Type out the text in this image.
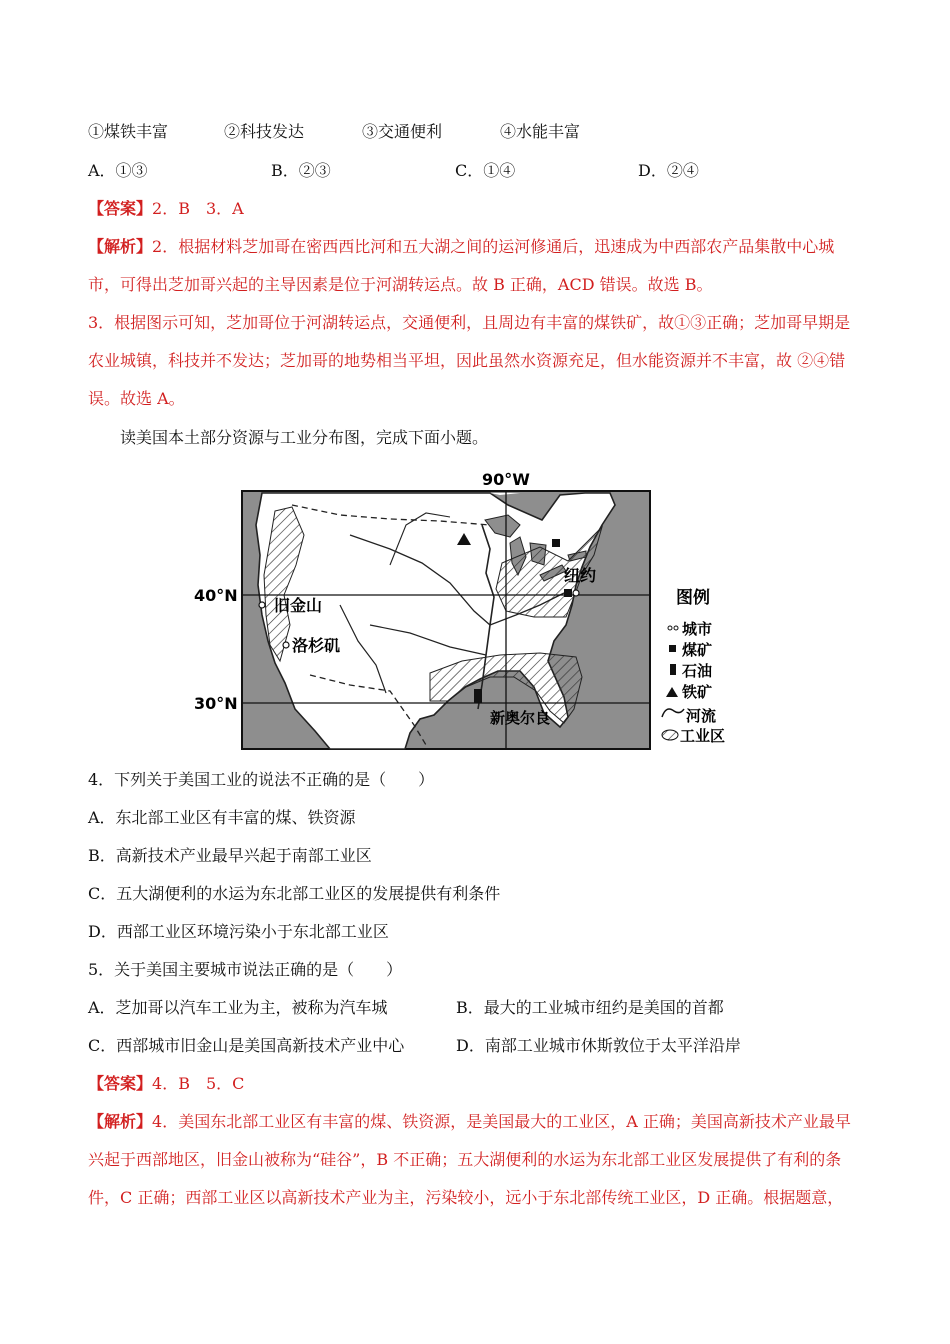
①煤铁丰富	②科技发达	③交通便利	④水能丰富
A．①③	B．②③	C．①④	D．②④
【答案】2．B　3．A
【解析】2．根据材料芝加哥在密西西比河和五大湖之间的运河修通后，迅速成为中西部农产品集散中心城市，可得出芝加哥兴起的主导因素是位于河湖转运点。故 B 正确，ACD 错误。故选 B。
3．根据图示可知，芝加哥位于河湖转运点，交通便利，且周边有丰富的煤铁矿，故①③正确；芝加哥早期是农业城镇，科技并不发达；芝加哥的地势相当平坦，因此虽然水资源充足，但水能资源并不丰富，故 ②④错误。故选 A。
读美国本土部分资源与工业分布图，完成下面小题。
90°W
40°N
30°N
纽约
旧金山
洛杉矶
新奥尔良
图例
城市
煤矿
石油
铁矿
河流
工业区
4．下列关于美国工业的说法不正确的是（　　）
A．东北部工业区有丰富的煤、铁资源
B．高新技术产业最早兴起于南部工业区
C．五大湖便利的水运为东北部工业区的发展提供有利条件
D．西部工业区环境污染小于东北部工业区
5．关于美国主要城市说法正确的是（　　）
A．芝加哥以汽车工业为主，被称为汽车城	B．最大的工业城市纽约是美国的首都
C．西部城市旧金山是美国高新技术产业中心	D．南部工业城市休斯敦位于太平洋沿岸
【答案】4．B　5．C
【解析】4．美国东北部工业区有丰富的煤、铁资源，是美国最大的工业区，A 正确；美国高新技术产业最早兴起于西部地区，旧金山被称为“硅谷”，B 不正确；五大湖便利的水运为东北部工业区发展提供了有利的条件，C 正确；西部工业区以高新技术产业为主，污染较小，远小于东北部传统工业区，D 正确。根据题意，
